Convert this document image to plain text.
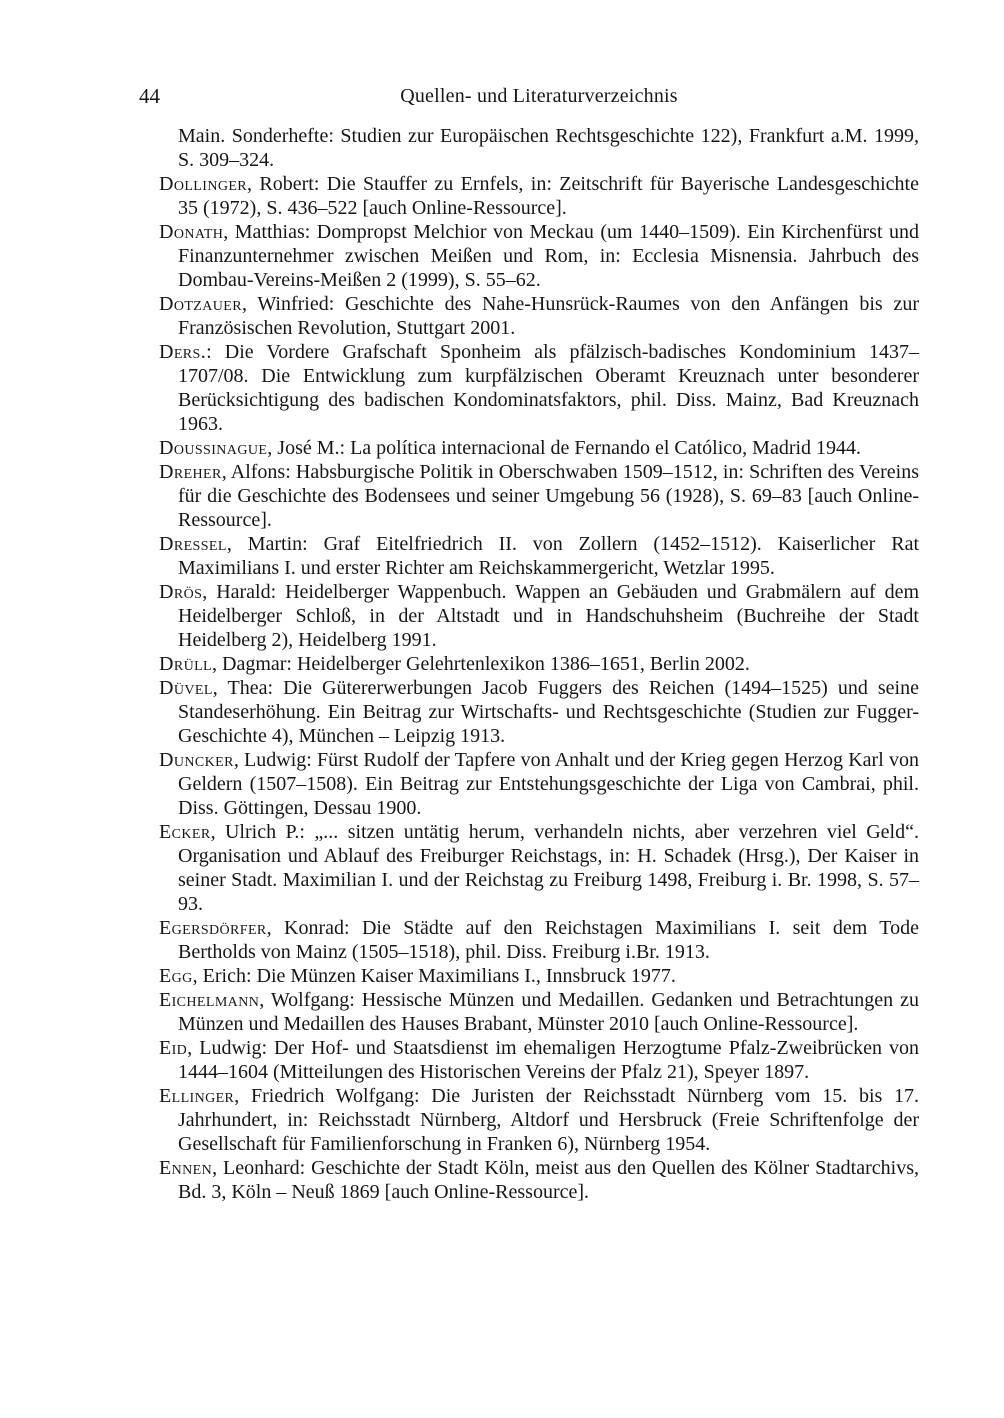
44	Quellen- und Literaturverzeichnis

Main. Sonderhefte: Studien zur Europäischen Rechtsgeschichte 122), Frankfurt a.M. 1999, S. 309–324.

Dollinger, Robert: Die Stauffer zu Ernfels, in: Zeitschrift für Bayerische Landesgeschichte 35 (1972), S. 436–522 [auch Online-Ressource].

Donath, Matthias: Dompropst Melchior von Meckau (um 1440–1509). Ein Kirchenfürst und Finanzunternehmer zwischen Meißen und Rom, in: Ecclesia Misnensia. Jahrbuch des Dombau-Vereins-Meißen 2 (1999), S. 55–62.

Dotzauer, Winfried: Geschichte des Nahe-Hunsrück-Raumes von den Anfängen bis zur Französischen Revolution, Stuttgart 2001.

Ders.: Die Vordere Grafschaft Sponheim als pfälzisch-badisches Kondominium 1437–1707/08. Die Entwicklung zum kurpfälzischen Oberamt Kreuznach unter besonderer Berücksichtigung des badischen Kondominatsfaktors, phil. Diss. Mainz, Bad Kreuznach 1963.

Doussinague, José M.: La política internacional de Fernando el Católico, Madrid 1944.

Dreher, Alfons: Habsburgische Politik in Oberschwaben 1509–1512, in: Schriften des Vereins für die Geschichte des Bodensees und seiner Umgebung 56 (1928), S. 69–83 [auch Online-Ressource].

Dressel, Martin: Graf Eitelfriedrich II. von Zollern (1452–1512). Kaiserlicher Rat Maximilians I. und erster Richter am Reichskammergericht, Wetzlar 1995.

Drös, Harald: Heidelberger Wappenbuch. Wappen an Gebäuden und Grabmälern auf dem Heidelberger Schloß, in der Altstadt und in Handschuhsheim (Buchreihe der Stadt Heidelberg 2), Heidelberg 1991.

Drüll, Dagmar: Heidelberger Gelehrtenlexikon 1386–1651, Berlin 2002.

Düvel, Thea: Die Gütererwerbungen Jacob Fuggers des Reichen (1494–1525) und seine Standeserhöhung. Ein Beitrag zur Wirtschafts- und Rechtsgeschichte (Studien zur Fugger-Geschichte 4), München – Leipzig 1913.

Duncker, Ludwig: Fürst Rudolf der Tapfere von Anhalt und der Krieg gegen Herzog Karl von Geldern (1507–1508). Ein Beitrag zur Entstehungsgeschichte der Liga von Cambrai, phil. Diss. Göttingen, Dessau 1900.

Ecker, Ulrich P.: „... sitzen untätig herum, verhandeln nichts, aber verzehren viel Geld“. Organisation und Ablauf des Freiburger Reichstags, in: H. Schadek (Hrsg.), Der Kaiser in seiner Stadt. Maximilian I. und der Reichstag zu Freiburg 1498, Freiburg i. Br. 1998, S. 57–93.

Egersdörfer, Konrad: Die Städte auf den Reichstagen Maximilians I. seit dem Tode Bertholds von Mainz (1505–1518), phil. Diss. Freiburg i.Br. 1913.

Egg, Erich: Die Münzen Kaiser Maximilians I., Innsbruck 1977.

Eichelmann, Wolfgang: Hessische Münzen und Medaillen. Gedanken und Betrachtungen zu Münzen und Medaillen des Hauses Brabant, Münster 2010 [auch Online-Ressource].

Eid, Ludwig: Der Hof- und Staatsdienst im ehemaligen Herzogtume Pfalz-Zweibrücken von 1444–1604 (Mitteilungen des Historischen Vereins der Pfalz 21), Speyer 1897.

Ellinger, Friedrich Wolfgang: Die Juristen der Reichsstadt Nürnberg vom 15. bis 17. Jahrhundert, in: Reichsstadt Nürnberg, Altdorf und Hersbruck (Freie Schriftenfolge der Gesellschaft für Familienforschung in Franken 6), Nürnberg 1954.

Ennen, Leonhard: Geschichte der Stadt Köln, meist aus den Quellen des Kölner Stadtarchivs, Bd. 3, Köln – Neuß 1869 [auch Online-Ressource].
